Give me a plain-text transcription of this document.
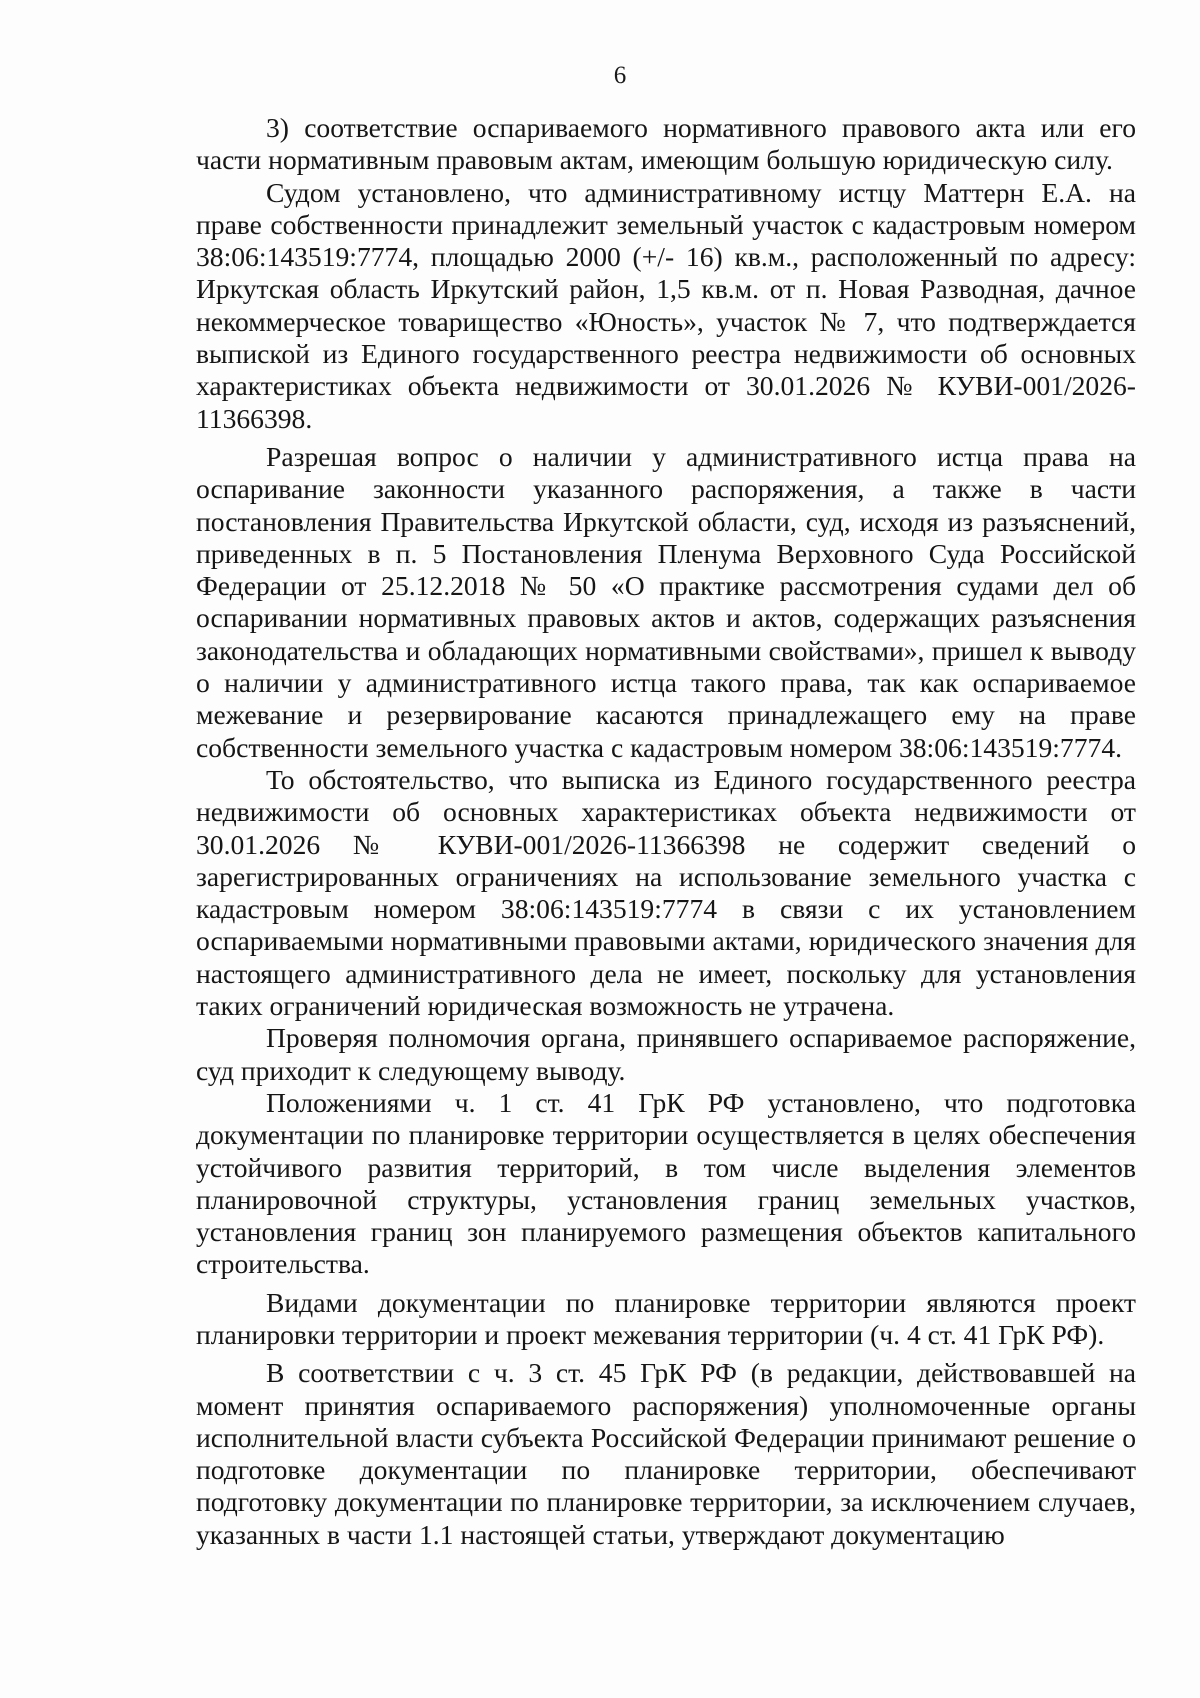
6

3) соответствие оспариваемого нормативного правового акта или его части нормативным правовым актам, имеющим большую юридическую силу.

Судом установлено, что административному истцу Маттерн Е.А. на праве собственности принадлежит земельный участок с кадастровым номером 38:06:143519:7774, площадью 2000 (+/- 16) кв.м., расположенный по адресу: Иркутская область Иркутский район, 1,5 кв.м. от п. Новая Разводная, дачное некоммерческое товарищество «Юность», участок № 7, что подтверждается выпиской из Единого государственного реестра недвижимости об основных характеристиках объекта недвижимости от 30.01.2026 № КУВИ-001/2026-11366398.

Разрешая вопрос о наличии у административного истца права на оспаривание законности указанного распоряжения, а также в части постановления Правительства Иркутской области, суд, исходя из разъяснений, приведенных в п. 5 Постановления Пленума Верховного Суда Российской Федерации от 25.12.2018 № 50 «О практике рассмотрения судами дел об оспаривании нормативных правовых актов и актов, содержащих разъяснения законодательства и обладающих нормативными свойствами», пришел к выводу о наличии у административного истца такого права, так как оспариваемое межевание и резервирование касаются принадлежащего ему на праве собственности земельного участка с кадастровым номером 38:06:143519:7774.

То обстоятельство, что выписка из Единого государственного реестра недвижимости об основных характеристиках объекта недвижимости от 30.01.2026 № КУВИ-001/2026-11366398 не содержит сведений о зарегистрированных ограничениях на использование земельного участка с кадастровым номером 38:06:143519:7774 в связи с их установлением оспариваемыми нормативными правовыми актами, юридического значения для настоящего административного дела не имеет, поскольку для установления таких ограничений юридическая возможность не утрачена.

Проверяя полномочия органа, принявшего оспариваемое распоряжение, суд приходит к следующему выводу.

Положениями ч. 1 ст. 41 ГрК РФ установлено, что подготовка документации по планировке территории осуществляется в целях обеспечения устойчивого развития территорий, в том числе выделения элементов планировочной структуры, установления границ земельных участков, установления границ зон планируемого размещения объектов капитального строительства.

Видами документации по планировке территории являются проект планировки территории и проект межевания территории (ч. 4 ст. 41 ГрК РФ).

В соответствии с ч. 3 ст. 45 ГрК РФ (в редакции, действовавшей на момент принятия оспариваемого распоряжения) уполномоченные органы исполнительной власти субъекта Российской Федерации принимают решение о подготовке документации по планировке территории, обеспечивают подготовку документации по планировке территории, за исключением случаев, указанных в части 1.1 настоящей статьи, утверждают документацию
